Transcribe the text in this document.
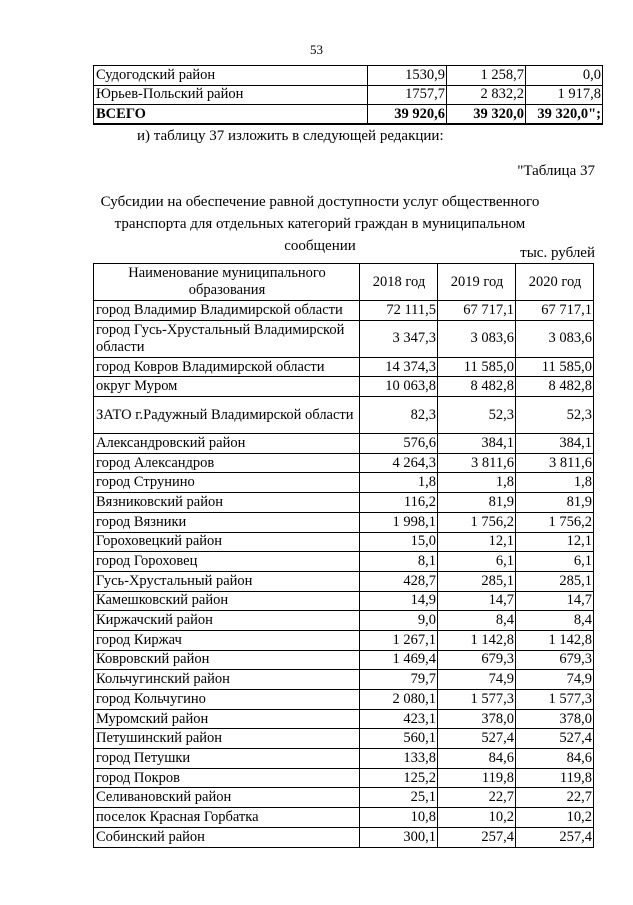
53
Судогодский район	1530,9	1 258,7	0,0
Юрьев-Польский район	1757,7	2 832,2	1 917,8
ВСЕГО	39 920,6	39 320,0	39 320,0";
и) таблицу 37 изложить в следующей редакции:
"Таблица 37
Субсидии на обеспечение равной доступности услуг общественного транспорта для отдельных категорий граждан в муниципальном сообщении	тыс. рублей
Наименование муниципального образования	2018 год	2019 год	2020 год
город Владимир Владимирской области	72 111,5	67 717,1	67 717,1
город Гусь-Хрустальный Владимирской области	3 347,3	3 083,6	3 083,6
город Ковров Владимирской области	14 374,3	11 585,0	11 585,0
округ Муром	10 063,8	8 482,8	8 482,8
ЗАТО г.Радужный Владимирской области	82,3	52,3	52,3
Александровский район	576,6	384,1	384,1
город Александров	4 264,3	3 811,6	3 811,6
город Струнино	1,8	1,8	1,8
Вязниковский район	116,2	81,9	81,9
город Вязники	1 998,1	1 756,2	1 756,2
Гороховецкий район	15,0	12,1	12,1
город Гороховец	8,1	6,1	6,1
Гусь-Хрустальный район	428,7	285,1	285,1
Камешковский район	14,9	14,7	14,7
Киржачский район	9,0	8,4	8,4
город Киржач	1 267,1	1 142,8	1 142,8
Ковровский район	1 469,4	679,3	679,3
Кольчугинский район	79,7	74,9	74,9
город Кольчугино	2 080,1	1 577,3	1 577,3
Муромский район	423,1	378,0	378,0
Петушинский район	560,1	527,4	527,4
город Петушки	133,8	84,6	84,6
город Покров	125,2	119,8	119,8
Селивановский район	25,1	22,7	22,7
поселок Красная Горбатка	10,8	10,2	10,2
Собинский район	300,1	257,4	257,4
